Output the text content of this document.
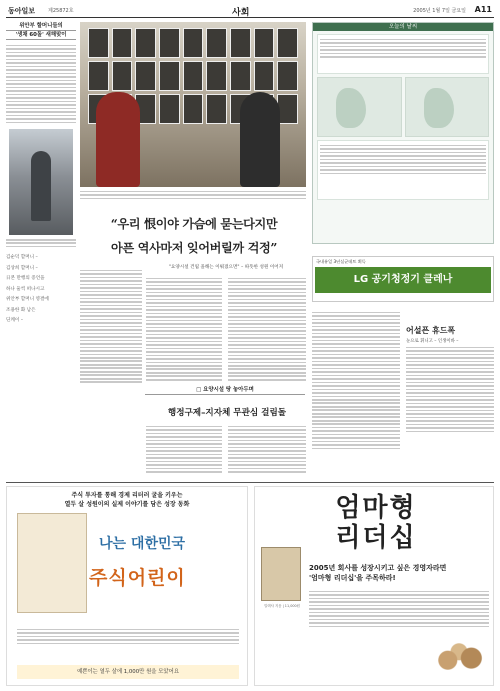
동아일보	제25872호	사회	2005년 1월 7일 금요일 A11
위안부 할머니들의
'생채 60돌' 새해맞이
김순덕 할머니 –
김상희 할머니 –
日본 만행의 증언을
하나 둘씩 떠나시고
위안부 할머니 영결에
조용한 화 남은
딘케이 –
오늘의 날씨
“우리 恨이야 가슴에 묻는다지만
아픈 역사마저 잊어버릴까 걱정”
국내유일 3년실균데트 획득
LG 공기청정기 클레나
"요양시설 건립 올해는 이뤄졌으면" – 따뜻한 성원 이어져
□ 요양시설 땅 놓아두며
행정구제–지자체 무관심 걸림돌
어설픈 휴드폭
눈으로 휘니고 – 인생이바 –
주식 투자를 통해 경제 리터러 굴을 키우는
열두 살 성원이의 실제 이야기를 담은 성장 동화
나는 대한민국
주식어린이
예쁜이는 열두 살에 1,000만 원을 모았어요
엄마형
리더십
밀렉샤 지음 | 11,000원
2005년 회사를 성장시키고 싶은 경영자라면
'엄마형 리더십'을 주목하라!
